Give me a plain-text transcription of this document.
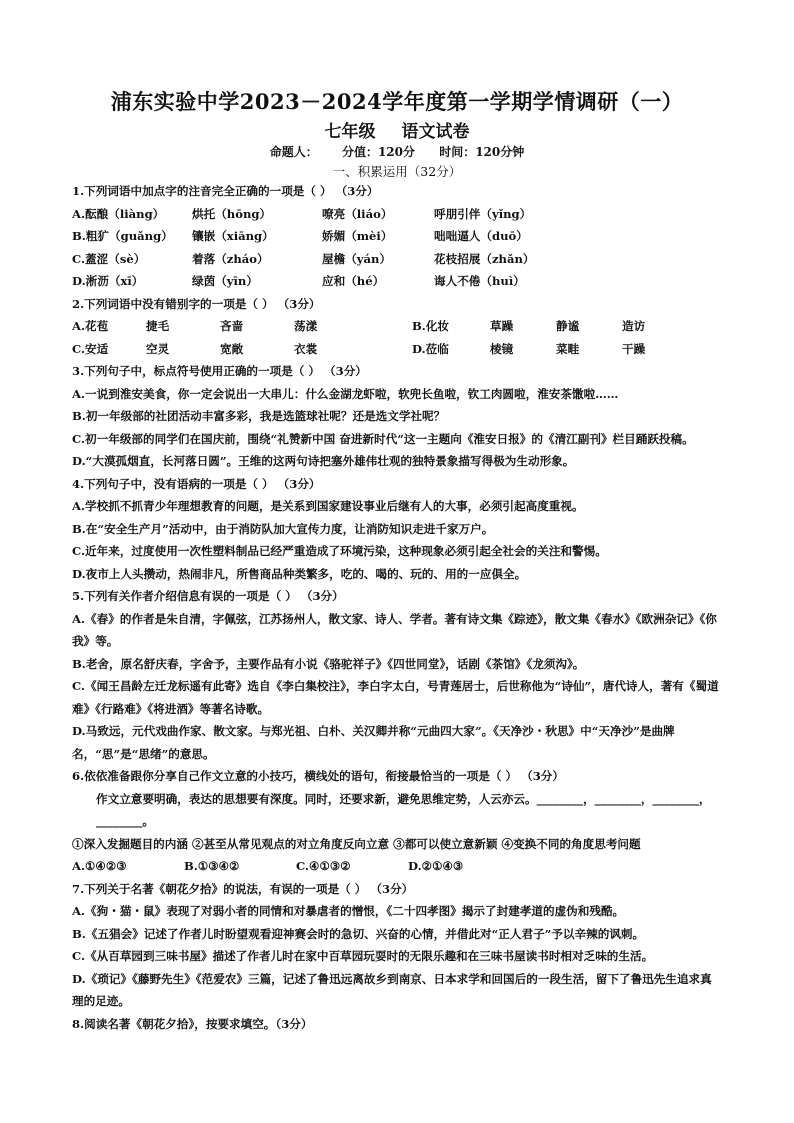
浦东实验中学2023－2024学年度第一学期学情调研（一）
七年级 语文试卷
命题人： 分值：120分 时间：120分钟
一、积累运用（32分）
1.下列词语中加点字的注音完全正确的一项是（ ） （3分）
A.酝酿（liàng）	烘托（hōng）	嘹亮（liáo）	呼朋引伴（yǐng）
B.粗犷（guǎng）	镶嵌（xiāng）	娇媚（mèi）	咄咄逼人（duō）
C.蓋涩（sè）	着落（zháo）	屋檐（yán）	花枝招展（zhǎn）
D.淅沥（xī）	绿茵（yīn）	应和（hé）	诲人不倦（huì）
2.下列词语中没有错别字的一项是（ ） （3分）
A.花苞	捷毛	吝啬	荡漾	B.化妆	草躁	静谧	造访
C.安适	空灵	宽敞	衣裳	D.莅临	棱镜	菜畦	干躁
3.下列句子中，标点符号使用正确的一项是（ ） （3分）
A.一说到淮安美食，你一定会说出一大串儿：什么金湖龙虾啦，软兜长鱼啦，钦工肉圆啦，淮安茶馓啦……
B.初一年级部的社团活动丰富多彩，我是选篮球社呢？还是选文学社呢？
C.初一年级部的同学们在国庆前，围绕“礼赞新中国 奋进新时代”这一主题向《淮安日报》的《清江副刊》栏目踊跃投稿。
D.“大漠孤烟直，长河落日圆”。王维的这两句诗把塞外雄伟壮观的独特景象描写得极为生动形象。
4.下列句子中，没有语病的一项是（ ） （3分）
A.学校抓不抓青少年理想教育的问题，是关系到国家建设事业后继有人的大事，必须引起高度重视。
B.在“安全生产月”活动中，由于消防队加大宣传力度，让消防知识走进千家万户。
C.近年来，过度使用一次性塑料制品已经严重造成了环境污染，这种现象必须引起全社会的关注和警惕。
D.夜市上人头攒动，热闹非凡，所售商品种类繁多，吃的、喝的、玩的、用的一应俱全。
5.下列有关作者介绍信息有误的一项是（ ） （3分）
A.《春》的作者是朱自清，字佩弦，江苏扬州人，散文家、诗人、学者。著有诗文集《踪迹》，散文集《春水》《欧洲杂记》《你我》等。
B.老舍，原名舒庆春，字舍予，主要作品有小说《骆驼祥子》《四世同堂》，话剧《茶馆》《龙须沟》。
C.《闻王昌龄左迁龙标遥有此寄》选自《李白集校注》，李白字太白，号青莲居士，后世称他为“诗仙”，唐代诗人，著有《蜀道难》《行路难》《将进酒》等著名诗歌。
D.马致远，元代戏曲作家、散文家。与郑光祖、白朴、关汉卿并称“元曲四大家”。《天净沙・秋思》中“天净沙”是曲牌名，“思”是“思绪”的意思。
6.依依准备跟你分享自己作文立意的小技巧，横线处的语句，衔接最恰当的一项是（ ） （3分）
作文立意要明确，表达的思想要有深度。同时，还要求新，避免思维定势，人云亦云。________，________，________，________。
①深入发掘题目的内涵 ②甚至从常见观点的对立角度反向立意 ③都可以使立意新颖 ④变换不同的角度思考问题
A.①④②③	B.①③④②	C.④①③②	D.②①④③
7.下列关于名著《朝花夕拾》的说法，有误的一项是（ ） （3分）
A.《狗・猫・鼠》表现了对弱小者的同情和对暴虐者的憎恨，《二十四孝图》揭示了封建孝道的虚伪和残酷。
B.《五猖会》记述了作者儿时盼望观看迎神赛会时的急切、兴奋的心情，并借此对“正人君子”予以辛辣的讽刺。
C.《从百草园到三味书屋》描述了作者儿时在家中百草园玩耍时的无限乐趣和在三味书屋读书时相对乏味的生活。
D.《琐记》《藤野先生》《范爱农》三篇，记述了鲁迅远离故乡到南京、日本求学和回国后的一段生活，留下了鲁迅先生追求真理的足迹。
8.阅读名著《朝花夕拾》，按要求填空。（3分）
